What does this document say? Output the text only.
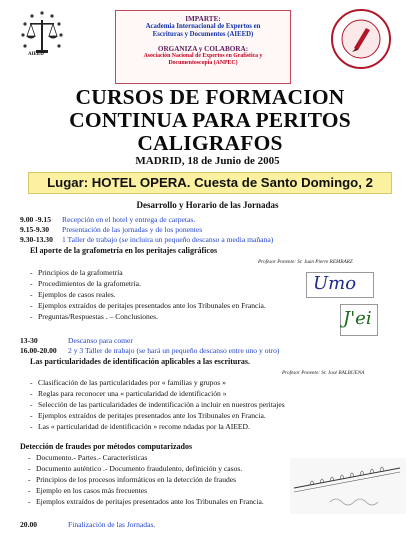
AIEED
IMPARTE:
Academia Internacional de Expertos en
Escrituras y Documentos (AIEED)
ORGANIZA y COLABORA:
Asociación Nacional de Expertos en Grafística y
Documentoscopia (ANPEC)
CURSOS DE FORMACION
CONTINUA PARA PERITOS
CALIGRAFOS
MADRID, 18 de Junio de 2005
Lugar: HOTEL OPERA. Cuesta de Santo Domingo, 2
Desarrollo y Horario de las Jornadas
9.00 -9.15 Recepción en el hotel y entrega de carpetas.
9.15-9.30 Presentación de las jornadas y de los ponentes
9.30-13.30 1 Taller de trabajo (se incluira un pequeño descanso a media mañana)
El aporte de la grafometría en los peritajes caligráficos
Profesor Ponente: Sr. Juan Pierre REMBARZ
- Principios de la grafometría
- Procedimientos de la grafometría.
- Ejemplos de casos reales.
- Ejemplos extraídos de peritajes presentados ante los Tribunales en Francia.
- Preguntas/Respuestas . – Conclusiones.
Umo
J'ei
13-30	Descanso para comer
16.00-20.00 2 y 3 Taller de trabajo (se hará un pequeño descanso entre uno y otro)
Las particularidades de identificación aplicables a las escrituras.
Profesor Ponente: Sr. José BALBUENA
- Clasificación de las particularidades por « familias y grupos »
- Reglas para reconocer una « particularidad de identificación »
- Selección de las particularidades de indentificación a incluir en nuestros peritajes
- Ejemplos extraídos de peritajes presentados ante los Tribunales en Francia.
- Las « particularidad de identificación » recome ndadas por la AIEED.
Detección de fraudes por métodos computarizados
- Documento.- Partes.- Características
- Documento auténtico .- Documento fraudulento, definición y casos.
- Principios de los procesos informáticos en la detección de fraudes
- Ejemplo en los casos más frecuentes
- Ejemplos extraídos de peritajes presentados ante los Tribunales en Francia.
20.00	Finalización de las Jornadas.
